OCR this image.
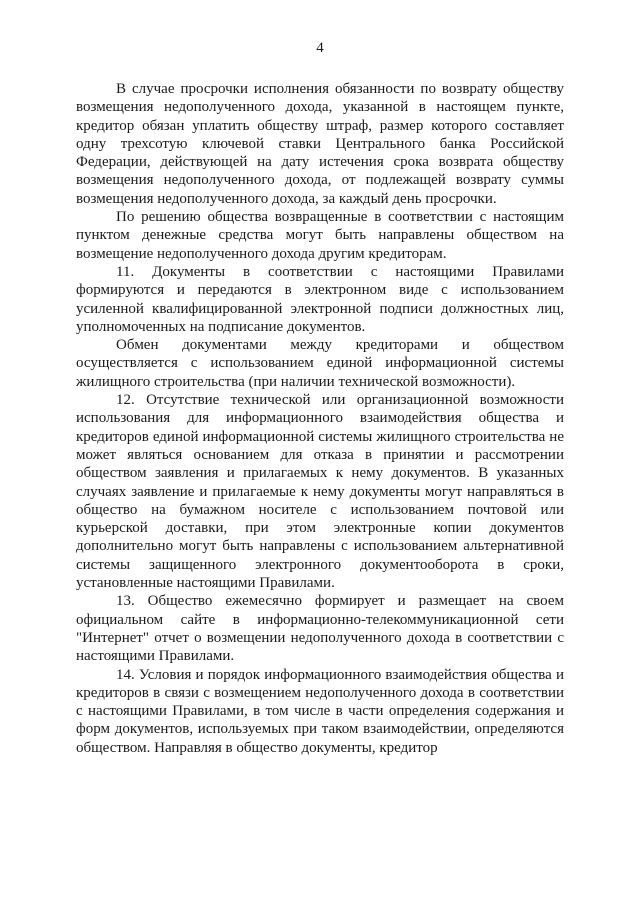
4

В случае просрочки исполнения обязанности по возврату обществу возмещения недополученного дохода, указанной в настоящем пункте, кредитор обязан уплатить обществу штраф, размер которого составляет одну трехсотую ключевой ставки Центрального банка Российской Федерации, действующей на дату истечения срока возврата обществу возмещения недополученного дохода, от подлежащей возврату суммы возмещения недополученного дохода, за каждый день просрочки.

По решению общества возвращенные в соответствии с настоящим пунктом денежные средства могут быть направлены обществом на возмещение недополученного дохода другим кредиторам.

11. Документы в соответствии с настоящими Правилами формируются и передаются в электронном виде с использованием усиленной квалифицированной электронной подписи должностных лиц, уполномоченных на подписание документов.

Обмен документами между кредиторами и обществом осуществляется с использованием единой информационной системы жилищного строительства (при наличии технической возможности).

12. Отсутствие технической или организационной возможности использования для информационного взаимодействия общества и кредиторов единой информационной системы жилищного строительства не может являться основанием для отказа в принятии и рассмотрении обществом заявления и прилагаемых к нему документов. В указанных случаях заявление и прилагаемые к нему документы могут направляться в общество на бумажном носителе с использованием почтовой или курьерской доставки, при этом электронные копии документов дополнительно могут быть направлены с использованием альтернативной системы защищенного электронного документооборота в сроки, установленные настоящими Правилами.

13. Общество ежемесячно формирует и размещает на своем официальном сайте в информационно-телекоммуникационной сети "Интернет" отчет о возмещении недополученного дохода в соответствии с настоящими Правилами.

14. Условия и порядок информационного взаимодействия общества и кредиторов в связи с возмещением недополученного дохода в соответствии с настоящими Правилами, в том числе в части определения содержания и форм документов, используемых при таком взаимодействии, определяются обществом. Направляя в общество документы, кредитор
